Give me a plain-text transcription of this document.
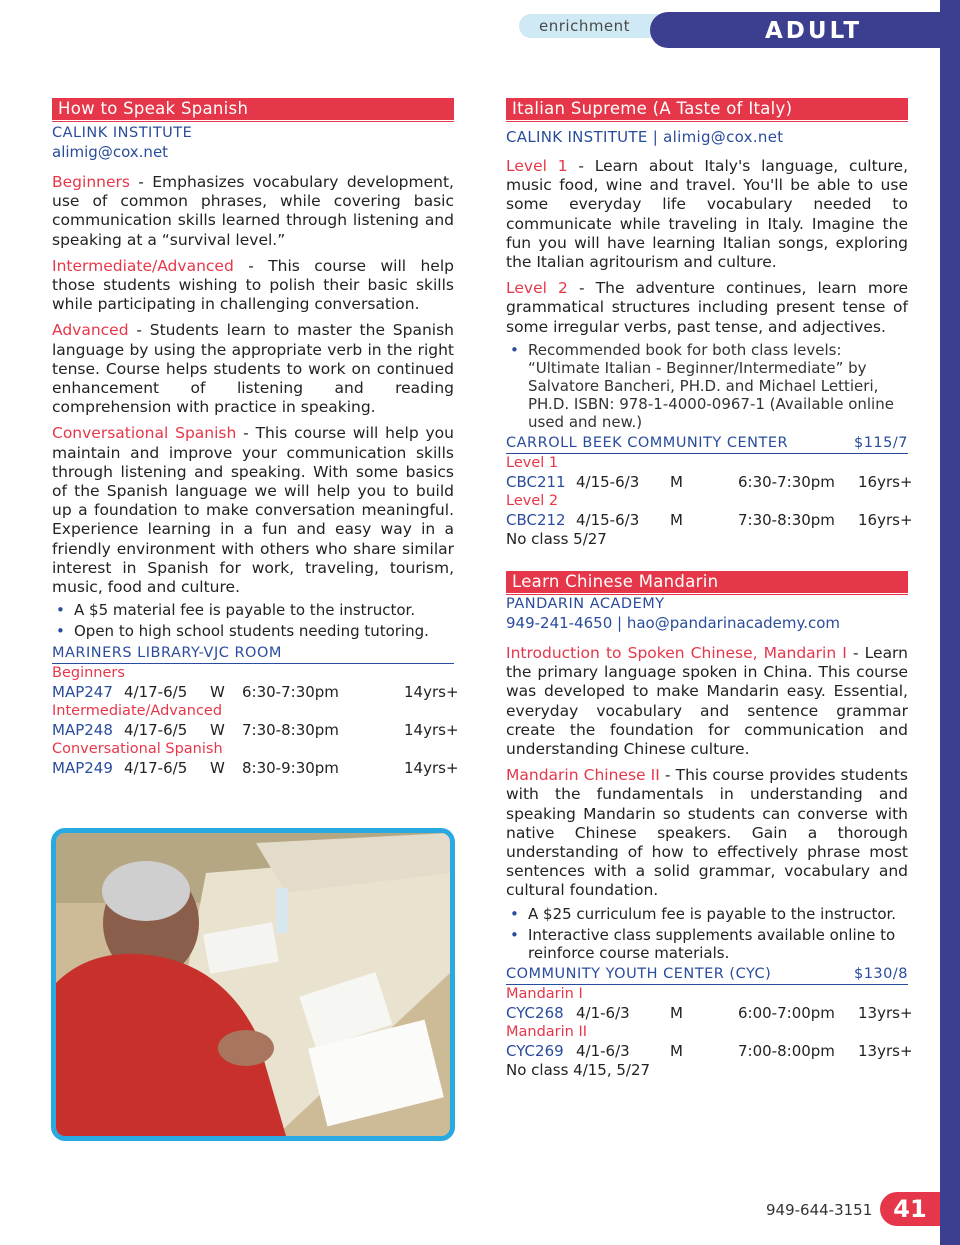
enrichment	ADULT
How to Speak Spanish
CALINK INSTITUTE
alimig@cox.net
Beginners - Emphasizes vocabulary development, use of common phrases, while covering basic communication skills learned through listening and speaking at a “survival level.”
Intermediate/Advanced - This course will help those students wishing to polish their basic skills while participating in challenging conversation.
Advanced - Students learn to master the Spanish language by using the appropriate verb in the right tense. Course helps students to work on continued enhancement of listening and reading comprehension with practice in speaking.
Conversational Spanish - This course will help you maintain and improve your communication skills through listening and speaking. With some basics of the Spanish language we will help you to build up a foundation to make conversation meaningful. Experience learning in a fun and easy way in a friendly environment with others who share similar interest in Spanish for work, traveling, tourism, music, food and culture.
• A $5 material fee is payable to the instructor.
• Open to high school students needing tutoring.
MARINERS LIBRARY-VJC ROOM
Beginners
MAP247 4/17-6/5 W 6:30-7:30pm	14yrs+
Intermediate/Advanced
MAP248 4/17-6/5 W 7:30-8:30pm	14yrs+
Conversational Spanish
MAP249 4/17-6/5 W 8:30-9:30pm	14yrs+
Italian Supreme (A Taste of Italy)
CALINK INSTITUTE | alimig@cox.net
Level 1 - Learn about Italy's language, culture, music food, wine and travel. You'll be able to use some everyday life vocabulary needed to communicate while traveling in Italy. Imagine the fun you will have learning Italian songs, exploring the Italian agritourism and culture.
Level 2 - The adventure continues, learn more grammatical structures including present tense of some irregular verbs, past tense, and adjectives.
• Recommended book for both class levels: “Ultimate Italian - Beginner/Intermediate” by Salvatore Bancheri, PH.D. and Michael Lettieri, PH.D. ISBN: 978-1-4000-0967-1 (Available online used and new.)
CARROLL BEEK COMMUNITY CENTER	$115/7
Level 1
CBC211 4/15-6/3 M	6:30-7:30pm 16yrs+
Level 2
CBC212 4/15-6/3 M	7:30-8:30pm 16yrs+
No class 5/27
Learn Chinese Mandarin
PANDARIN ACADEMY
949-241-4650 | hao@pandarinacademy.com
Introduction to Spoken Chinese, Mandarin I - Learn the primary language spoken in China. This course was developed to make Mandarin easy. Essential, everyday vocabulary and sentence grammar create the foundation for communication and understanding Chinese culture.
Mandarin Chinese II - This course provides students with the fundamentals in understanding and speaking Mandarin so students can converse with native Chinese speakers. Gain a thorough understanding of how to effectively phrase most sentences with a solid grammar, vocabulary and cultural foundation.
• A $25 curriculum fee is payable to the instructor.
• Interactive class supplements available online to reinforce course materials.
COMMUNITY YOUTH CENTER (CYC)	$130/8
Mandarin I
CYC268 4/1-6/3	M	6:00-7:00pm 13yrs+
Mandarin II
CYC269 4/1-6/3	M	7:00-8:00pm 13yrs+
No class 4/15, 5/27
949-644-3151 41
